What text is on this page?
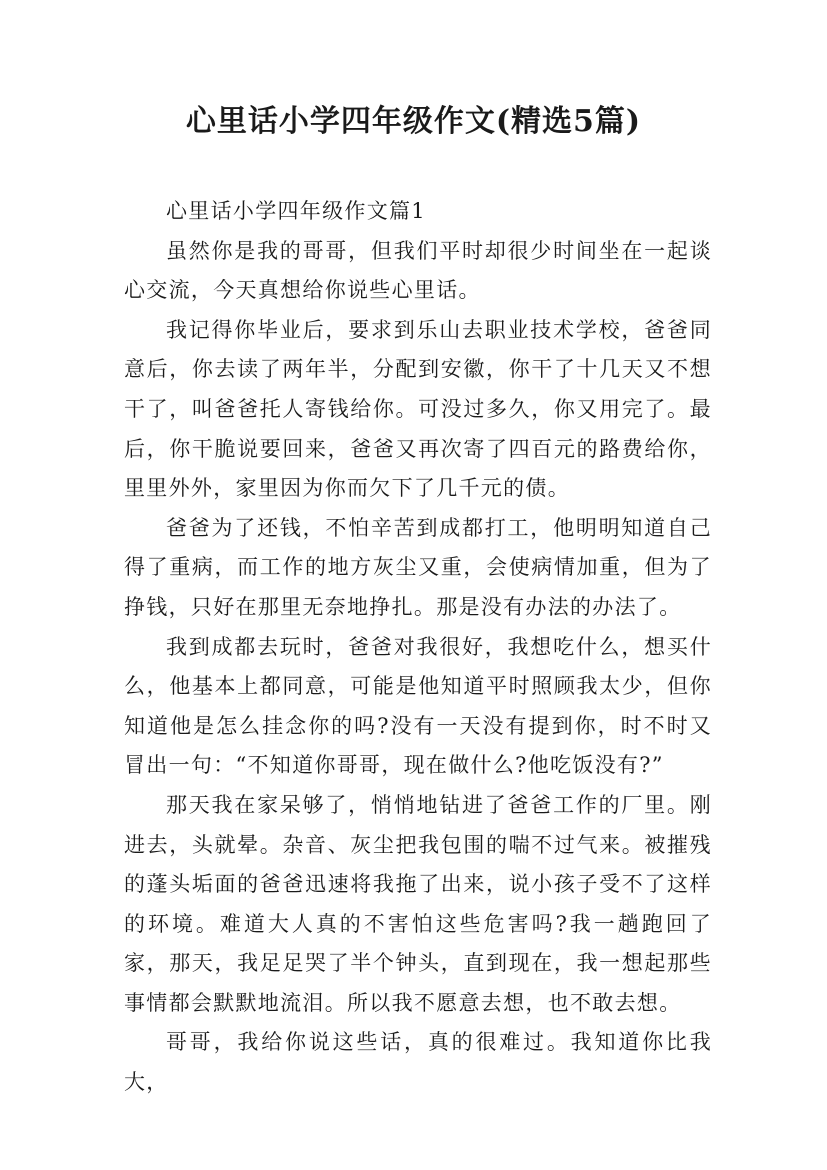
心里话小学四年级作文(精选5篇)

心里话小学四年级作文篇1

虽然你是我的哥哥，但我们平时却很少时间坐在一起谈心交流，今天真想给你说些心里话。

我记得你毕业后，要求到乐山去职业技术学校，爸爸同意后，你去读了两年半，分配到安徽，你干了十几天又不想干了，叫爸爸托人寄钱给你。可没过多久，你又用完了。最后，你干脆说要回来，爸爸又再次寄了四百元的路费给你，里里外外，家里因为你而欠下了几千元的债。

爸爸为了还钱，不怕辛苦到成都打工，他明明知道自己得了重病，而工作的地方灰尘又重，会使病情加重，但为了挣钱，只好在那里无奈地挣扎。那是没有办法的办法了。

我到成都去玩时，爸爸对我很好，我想吃什么，想买什么，他基本上都同意，可能是他知道平时照顾我太少，但你知道他是怎么挂念你的吗?没有一天没有提到你，时不时又冒出一句：“不知道你哥哥，现在做什么?他吃饭没有?”

那天我在家呆够了，悄悄地钻进了爸爸工作的厂里。刚进去，头就晕。杂音、灰尘把我包围的喘不过气来。被摧残的蓬头垢面的爸爸迅速将我拖了出来，说小孩子受不了这样的环境。难道大人真的不害怕这些危害吗?我一趟跑回了家，那天，我足足哭了半个钟头，直到现在，我一想起那些事情都会默默地流泪。所以我不愿意去想，也不敢去想。

哥哥，我给你说这些话，真的很难过。我知道你比我大，
